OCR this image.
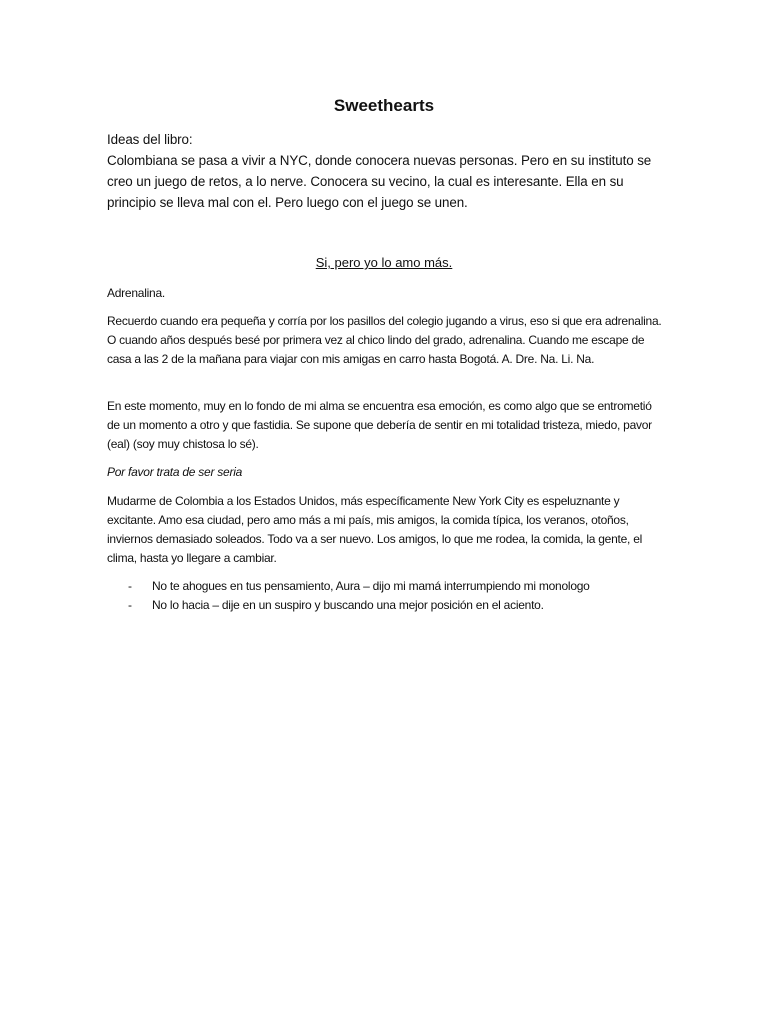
Sweethearts

Ideas del libro:

Colombiana se pasa a vivir a NYC, donde conocera nuevas personas. Pero en su instituto se creo un juego de retos, a lo nerve. Conocera su vecino, la cual es interesante. Ella en su principio se lleva mal con el. Pero luego con el juego se unen.

Si, pero yo lo amo más.

Adrenalina.

Recuerdo cuando era pequeña y corría por los pasillos del colegio jugando a virus, eso si que era adrenalina. O cuando años después besé por primera vez al chico lindo del grado, adrenalina. Cuando me escape de casa a las 2 de la mañana para viajar con mis amigas en carro hasta Bogotá. A. Dre. Na. Li. Na.

En este momento, muy en lo fondo de mi alma se encuentra esa emoción, es como algo que se entrometió de un momento a otro y que fastidia. Se supone que debería de sentir en mi totalidad tristeza, miedo, pavor (eal) (soy muy chistosa lo sé).

Por favor trata de ser seria

Mudarme de Colombia a los Estados Unidos, más específicamente New York City es espeluznante y excitante. Amo esa ciudad, pero amo más a mi país, mis amigos, la comida típica, los veranos, otoños, inviernos demasiado soleados. Todo va a ser nuevo. Los amigos, lo que me rodea, la comida, la gente, el clima, hasta yo llegare a cambiar.

- No te ahogues en tus pensamiento, Aura – dijo mi mamá interrumpiendo mi monologo
- No lo hacia – dije en un suspiro y buscando una mejor posición en el aciento.
